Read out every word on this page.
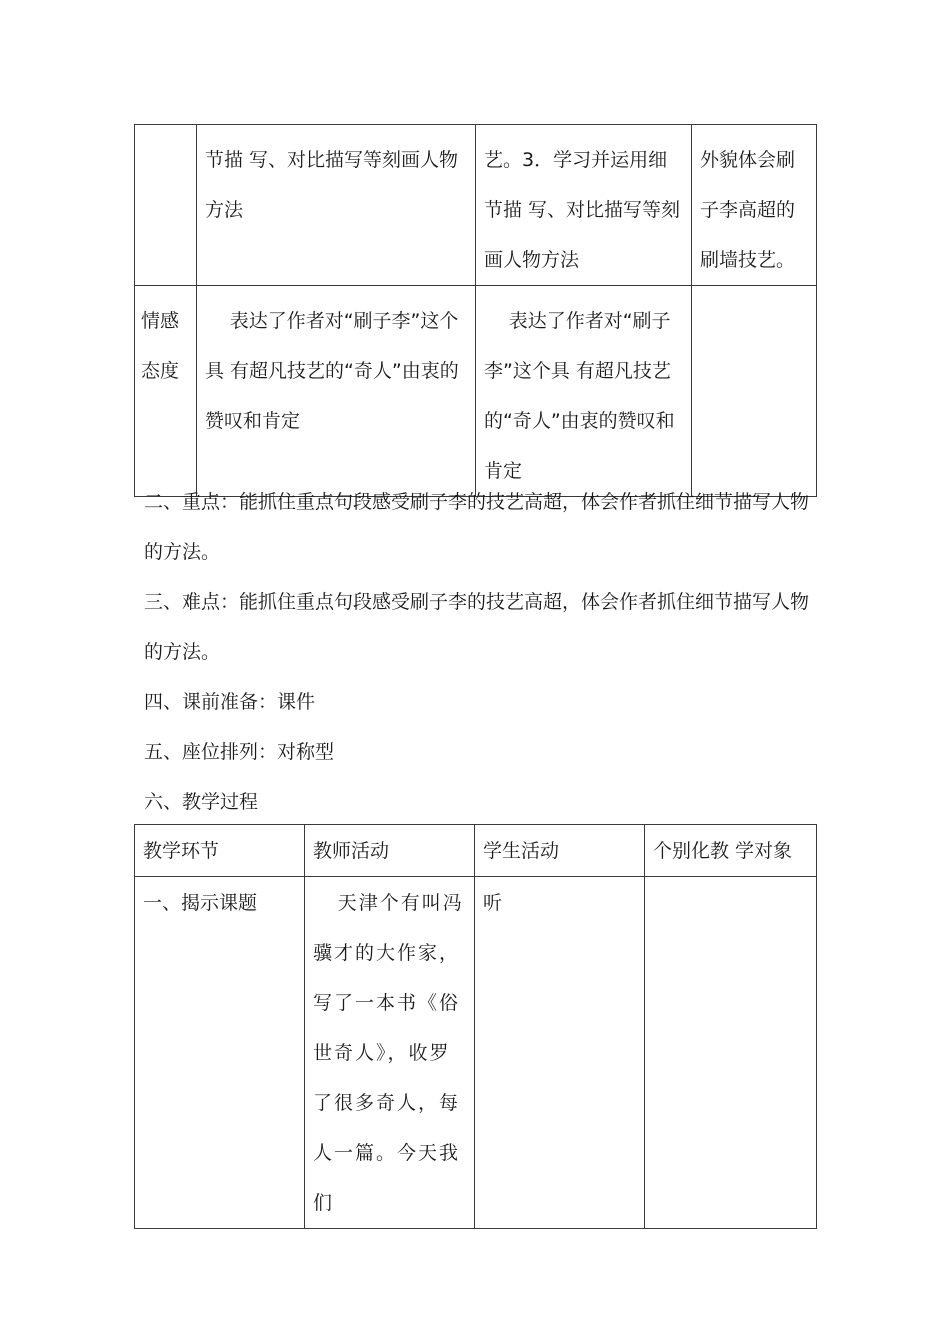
	节描 写、对比描写等刻画人物方法	艺。3．学习并运用细节描 写、对比描写等刻画人物方法	外貌体会刷子李高超的刷墙技艺。

情感态度	表达了作者对“刷子李”这个具 有超凡技艺的“奇人”由衷的赞叹和肯定	表达了作者对“刷子李”这个具 有超凡技艺的“奇人”由衷的赞叹和肯定	

二、重点：能抓住重点句段感受刷子李的技艺高超，体会作者抓住细节描写人物的方法。
三、难点：能抓住重点句段感受刷子李的技艺高超，体会作者抓住细节描写人物的方法。
四、课前准备：课件
五、座位排列：对称型
六、教学过程
教学环节	教师活动	学生活动	个别化教 学对象

一、揭示课题	天津个有叫冯骥才的大作家，写了一本书《俗世奇人》，收罗了很多奇人，每人一篇。今天我们	听	
